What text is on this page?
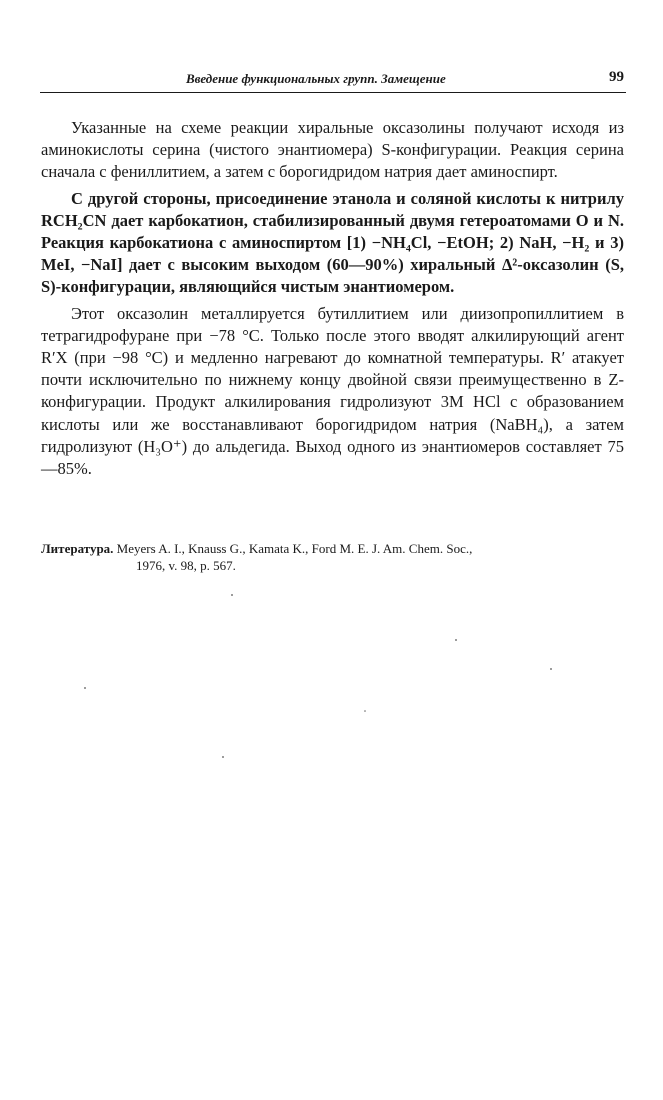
Введение функциональных групп. Замещение	99

Указанные на схеме реакции хиральные оксазолины получают исходя из аминокислоты серина (чистого энантиомера) S-конфигурации. Реакция серина сначала с фениллитием, а затем с борогидридом натрия дает аминоспирт.

С другой стороны, присоединение этанола и соляной кислоты к нитрилу RCH₂CN дает карбокатион, стабилизированный двумя гетероатомами O и N. Реакция карбокатиона с аминоспиртом [1) −NH₄Cl, −EtOH; 2) NaH, −H₂ и 3) MeI, −NaI] дает с высоким выходом (60—90%) хиральный Δ²-оксазолин (S, S)-конфигурации, являющийся чистым энантиомером.

Этот оксазолин металлируется бутиллитием или диизопропиллитием в тетрагидрофуране при −78 °C. Только после этого вводят алкилирующий агент R′X (при −98 °C) и медленно нагревают до комнатной температуры. R′ атакует почти исключительно по нижнему концу двойной связи преимущественно в Z-конфигурации. Продукт алкилирования гидролизуют 3M HCl с образованием кислоты или же восстанавливают борогидридом натрия (NaBH₄), а затем гидролизуют (H₃O⁺) до альдегида. Выход одного из энантиомеров составляет 75—85%.

Литература. Meyers A. I., Knauss G., Kamata K., Ford M. E. J. Am. Chem. Soc.,
1976, v. 98, p. 567.
